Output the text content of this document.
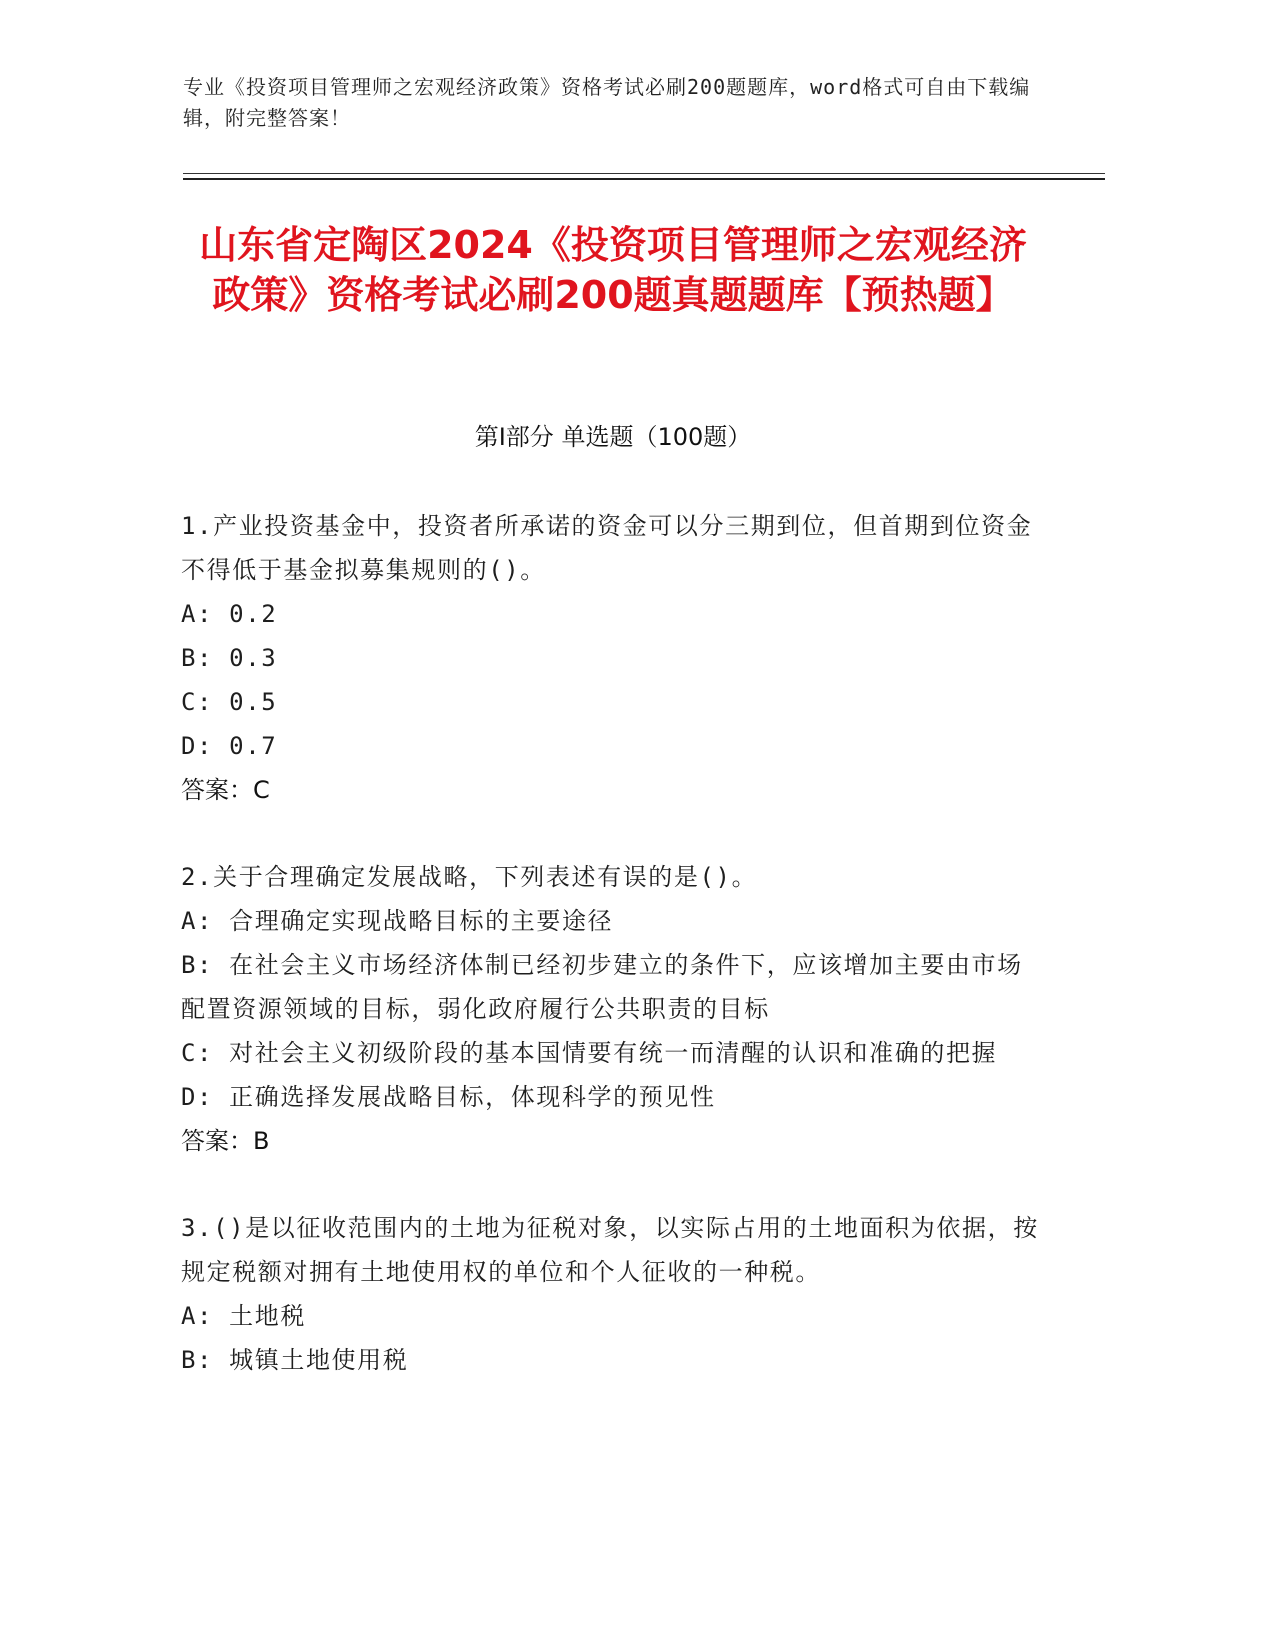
专业《投资项目管理师之宏观经济政策》资格考试必刷200题题库，word格式可自由下载编辑，附完整答案！
山东省定陶区2024《投资项目管理师之宏观经济政策》资格考试必刷200题真题题库【预热题】
第I部分 单选题（100题）

1.产业投资基金中，投资者所承诺的资金可以分三期到位，但首期到位资金不得低于基金拟募集规则的()。

A: 0.2

B: 0.3

C: 0.5

D: 0.7

答案：C

2.关于合理确定发展战略，下列表述有误的是()。

A: 合理确定实现战略目标的主要途径

B: 在社会主义市场经济体制已经初步建立的条件下，应该增加主要由市场配置资源领域的目标，弱化政府履行公共职责的目标

C: 对社会主义初级阶段的基本国情要有统一而清醒的认识和准确的把握

D: 正确选择发展战略目标，体现科学的预见性

答案：B

3.()是以征收范围内的土地为征税对象，以实际占用的土地面积为依据，按规定税额对拥有土地使用权的单位和个人征收的一种税。

A: 土地税

B: 城镇土地使用税
